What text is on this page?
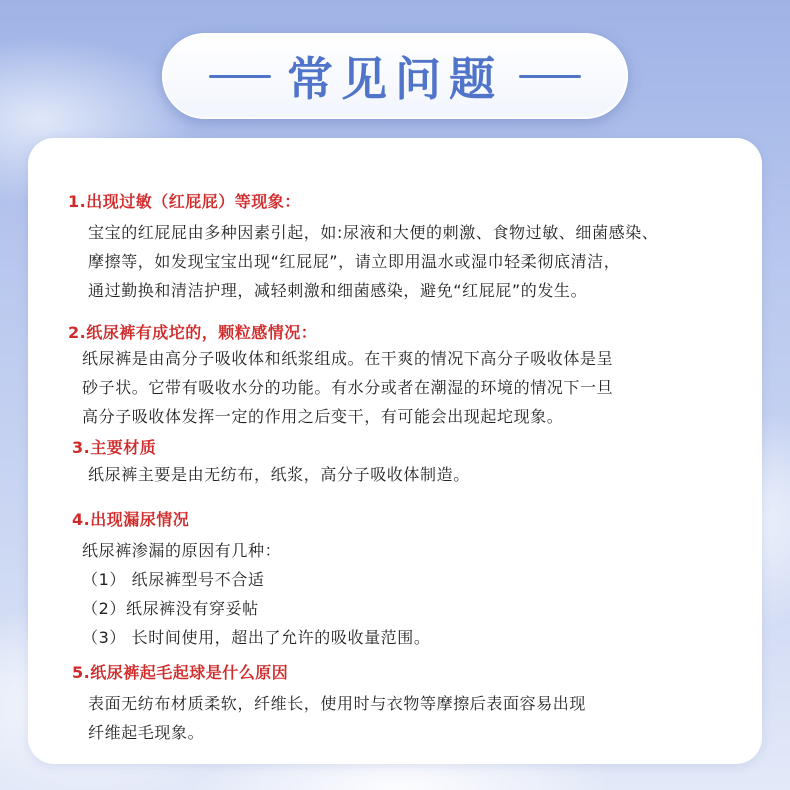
常见问题
1.出现过敏（红屁屁）等现象：
宝宝的红屁屁由多种因素引起，如:尿液和大便的刺激、食物过敏、细菌感染、
摩擦等，如发现宝宝出现“红屁屁”，请立即用温水或湿巾轻柔彻底清洁，
通过勤换和清洁护理，减轻刺激和细菌感染，避免“红屁屁”的发生。
2.纸尿裤有成坨的，颗粒感情况：
纸尿裤是由高分子吸收体和纸浆组成。在干爽的情况下高分子吸收体是呈
砂子状。它带有吸收水分的功能。有水分或者在潮湿的环境的情况下一旦
高分子吸收体发挥一定的作用之后变干，有可能会出现起坨现象。
3.主要材质
纸尿裤主要是由无纺布，纸浆，高分子吸收体制造。
4.出现漏尿情况
纸尿裤渗漏的原因有几种：
（1） 纸尿裤型号不合适
（2）纸尿裤没有穿妥帖
（3） 长时间使用，超出了允许的吸收量范围。
5.纸尿裤起毛起球是什么原因
表面无纺布材质柔软，纤维长，使用时与衣物等摩擦后表面容易出现
纤维起毛现象。
